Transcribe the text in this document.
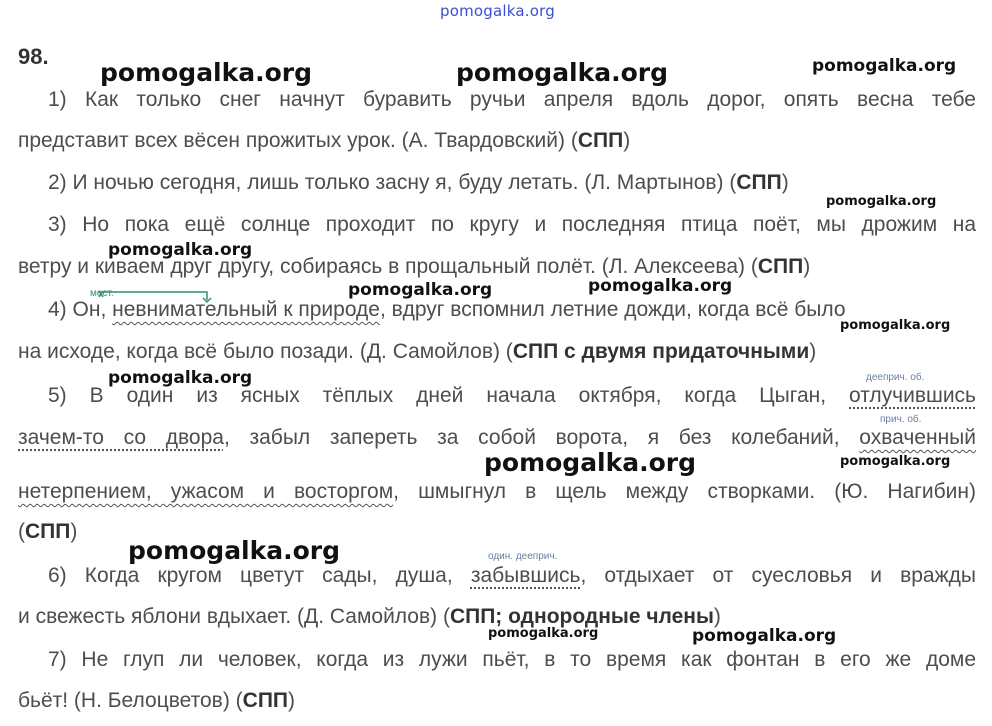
pomogalka.org
98.
1) Как только снег начнут буравить ручьи апреля вдоль дорог, опять весна тебе
представит всех вёсен прожитых урок. (А. Твардовский) (СПП)
2) И ночью сегодня, лишь только засну я, буду летать. (Л. Мартынов) (СПП)
3) Но пока ещё солнце проходит по кругу и последняя птица поёт, мы дрожим на
ветру и киваем друг другу, собираясь в прощальный полёт. (Л. Алексеева) (СПП)
мест.
4) Он, невнимательный к природе, вдруг вспомнил летние дожди, когда всё было
на исходе, когда всё было позади. (Д. Самойлов) (СПП с двумя придаточными)
дееприч. об.
5) В один из ясных тёплых дней начала октября, когда Цыган, отлучившись
прич. об.
зачем-то со двора, забыл запереть за собой ворота, я без колебаний, охваченный
нетерпением, ужасом и восторгом, шмыгнул в щель между створками. (Ю. Нагибин)
(СПП)
один. дееприч.
6) Когда кругом цветут сады, душа, забывшись, отдыхает от суесловья и вражды
и свежесть яблони вдыхает. (Д. Самойлов) (СПП; однородные члены)
7) Не глуп ли человек, когда из лужи пьёт, в то время как фонтан в его же доме
бьёт! (Н. Белоцветов) (СПП)
pomogalka.org	pomogalka.org	pomogalka.org
pomogalka.org
pomogalka.org
pomogalka.org	pomogalka.org
pomogalka.org
pomogalka.org
pomogalka.org	pomogalka.org
pomogalka.org
pomogalka.org	pomogalka.org
